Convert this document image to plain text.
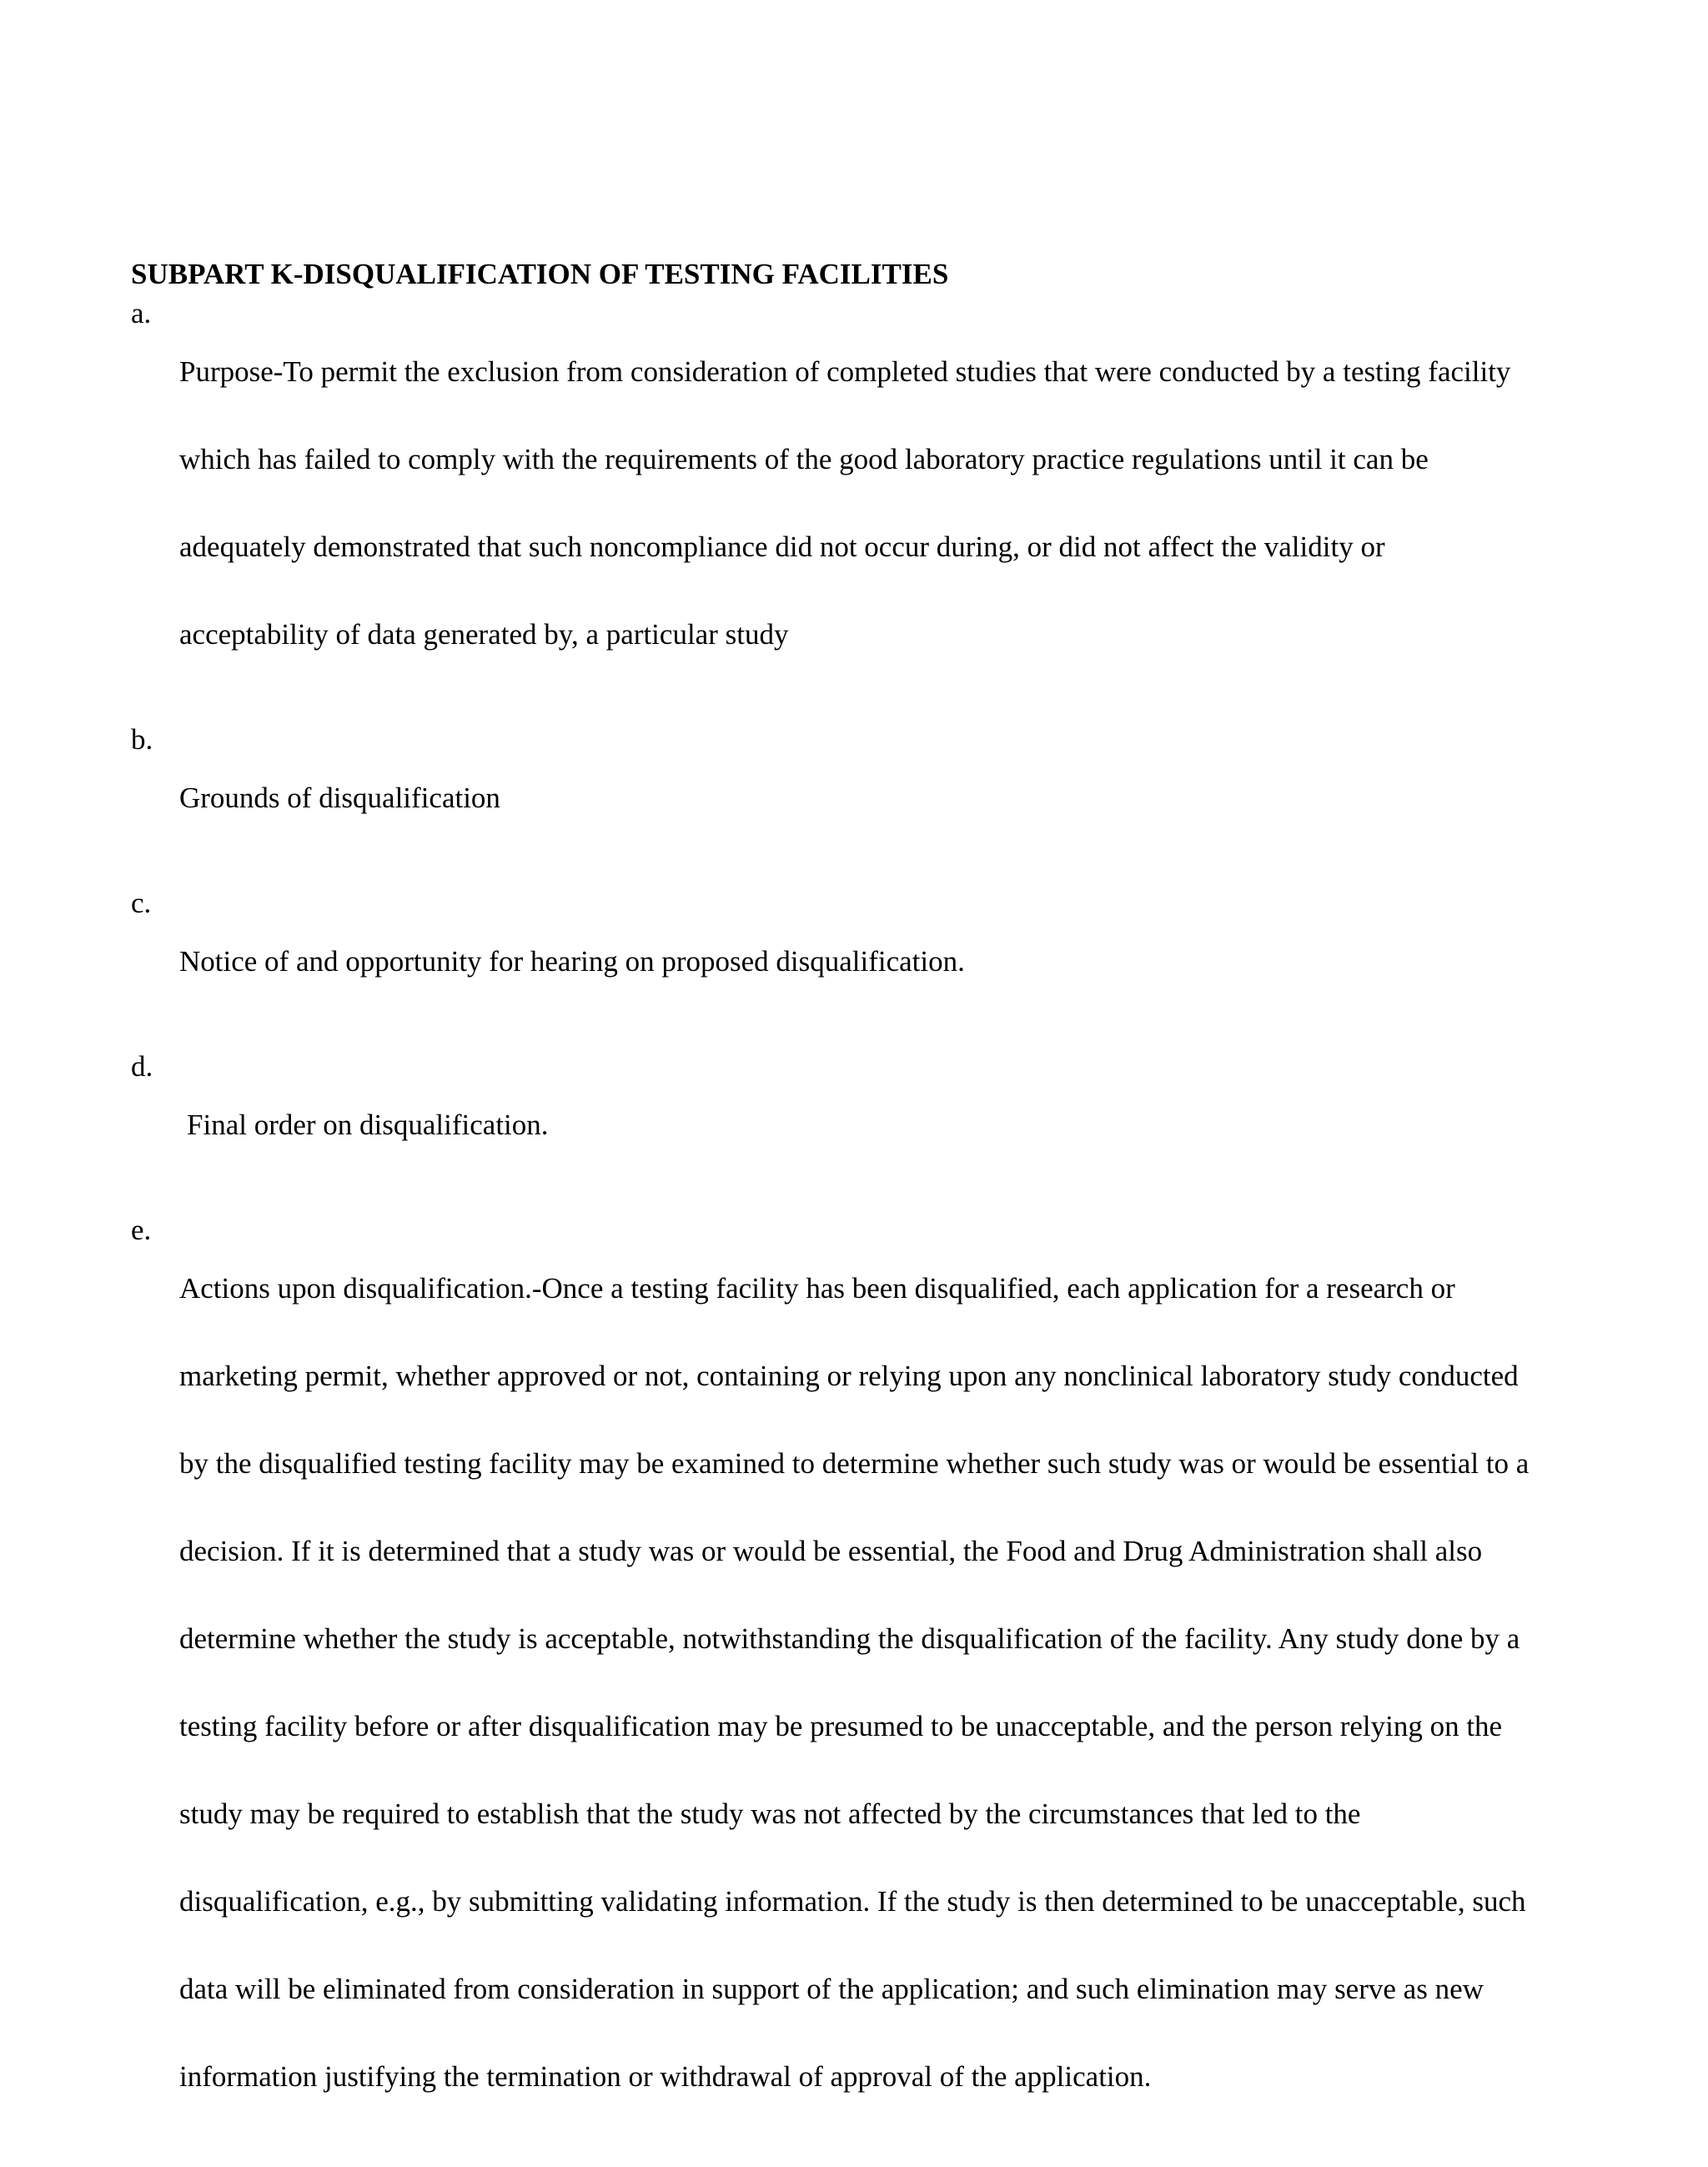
SUBPART K-DISQUALIFICATION OF TESTING FACILITIES
a.

Purpose-To permit the exclusion from consideration of completed studies that were conducted by a testing facility

which has failed to comply with the requirements of the good laboratory practice regulations until it can be

adequately demonstrated that such noncompliance did not occur during, or did not affect the validity or

acceptability of data generated by, a particular study

b.

Grounds of disqualification

c.

Notice of and opportunity for hearing on proposed disqualification.

d.

Final order on disqualification.

e.

Actions upon disqualification.-Once a testing facility has been disqualified, each application for a research or

marketing permit, whether approved or not, containing or relying upon any nonclinical laboratory study conducted

by the disqualified testing facility may be examined to determine whether such study was or would be essential to a

decision. If it is determined that a study was or would be essential, the Food and Drug Administration shall also

determine whether the study is acceptable, notwithstanding the disqualification of the facility. Any study done by a

testing facility before or after disqualification may be presumed to be unacceptable, and the person relying on the

study may be required to establish that the study was not affected by the circumstances that led to the

disqualification, e.g., by submitting validating information. If the study is then determined to be unacceptable, such

data will be eliminated from consideration in support of the application; and such elimination may serve as new

information justifying the termination or withdrawal of approval of the application.
